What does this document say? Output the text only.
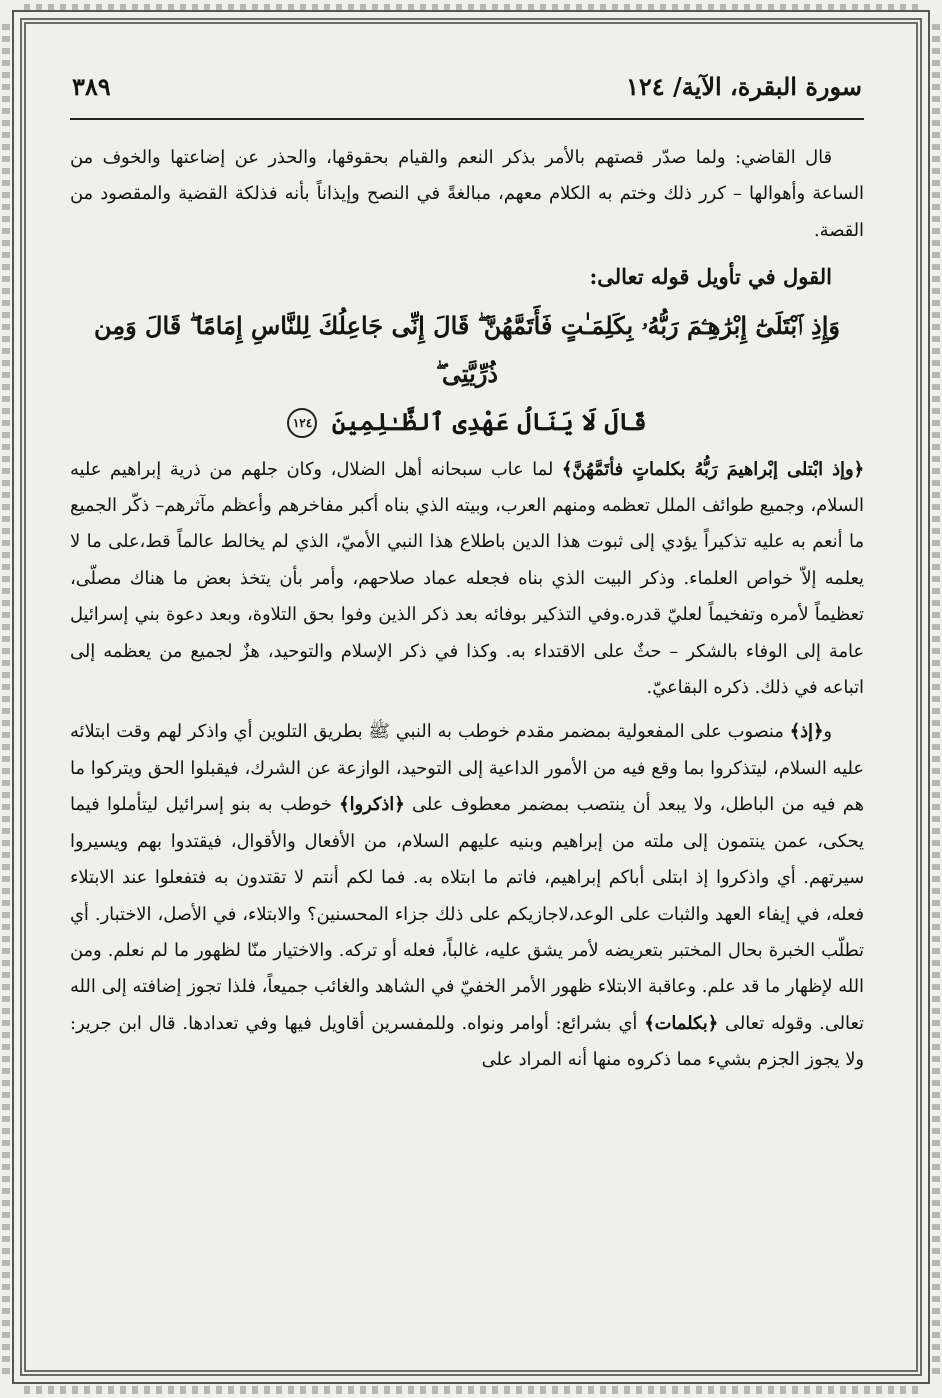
سورة البقرة، الآية/ ١٢٤
٣٨٩

قال القاضي: ولما صدّر قصتهم بالأمر بذكر النعم والقيام بحقوقها، والحذر عن إضاعتها والخوف من الساعة وأهوالها – كرر ذلك وختم به الكلام معهم، مبالغةً في النصح وإيذاناً بأنه فذلكة القضية والمقصود من القصة.

القول في تأويل قوله تعالى:

وَإِذِ ٱبْتَلَىٰٓ إِبْرَٰهِـۧمَ رَبُّهُۥ بِكَلِمَـٰتٍ فَأَتَمَّهُنَّ ۖ قَالَ إِنِّى جَاعِلُكَ لِلنَّاسِ إِمَامًا ۖ قَالَ وَمِن ذُرِّيَّتِى ۖ
قَالَ لَا يَنَالُ عَهْدِى ٱلظَّـٰلِمِينَ ١٢٤

﴿وإذ ابْتلى إبْراهيمَ رَبُّهُ بكلماتٍ فأتَمَّهُنَّ﴾ لما عاب سبحانه أهل الضلال، وكان جلهم من ذرية إبراهيم عليه السلام، وجميع طوائف الملل تعظمه ومنهم العرب، وبيته الذي بناه أكبر مفاخرهم وأعظم مآثرهم– ذكّر الجميع ما أنعم به عليه تذكيراً يؤدي إلى ثبوت هذا الدين باطلاع هذا النبي الأميّ، الذي لم يخالط عالماً قط،على ما لا يعلمه إلاّ خواص العلماء. وذكر البيت الذي بناه فجعله عماد صلاحهم، وأمر بأن يتخذ بعض ما هناك مصلّى، تعظيماً لأمره وتفخيماً لعليّ قدره.وفي التذكير بوفائه بعد ذكر الذين وفوا بحق التلاوة، وبعد دعوة بني إسرائيل عامة إلى الوفاء بالشكر – حثٌ على الاقتداء به. وكذا في ذكر الإسلام والتوحيد، هزٌ لجميع من يعظمه إلى اتباعه في ذلك. ذكره البقاعيّ.

و﴿إذ﴾ منصوب على المفعولية بمضمر مقدم خوطب به النبي ﷺ بطريق التلوين أي واذكر لهم وقت ابتلائه عليه السلام، ليتذكروا بما وقع فيه من الأمور الداعية إلى التوحيد، الوازعة عن الشرك، فيقبلوا الحق ويتركوا ما هم فيه من الباطل، ولا يبعد أن ينتصب بمضمر معطوف على ﴿اذكروا﴾ خوطب به بنو إسرائيل ليتأملوا فيما يحكى، عمن ينتمون إلى ملته من إبراهيم وبنيه عليهم السلام، من الأفعال والأقوال، فيقتدوا بهم ويسيروا سيرتهم. أي واذكروا إذ ابتلى أباكم إبراهيم، فاتم ما ابتلاه به. فما لكم أنتم لا تقتدون به فتفعلوا عند الابتلاء فعله، في إيفاء العهد والثبات على الوعد،لاجازيكم على ذلك جزاء المحسنين؟ والابتلاء، في الأصل، الاختبار. أي تطلّب الخبرة بحال المختبر بتعريضه لأمر يشق عليه، غالباً، فعله أو تركه. والاختيار منّا لظهور ما لم نعلم. ومن الله لإظهار ما قد علم. وعاقبة الابتلاء ظهور الأمر الخفيّ في الشاهد والغائب جميعاً، فلذا تجوز إضافته إلى الله تعالى. وقوله تعالى ﴿بكلمات﴾ أي بشرائع: أوامر ونواه. وللمفسرين أقاويل فيها وفي تعدادها. قال ابن جرير: ولا يجوز الجزم بشيء مما ذكروه منها أنه المراد على
